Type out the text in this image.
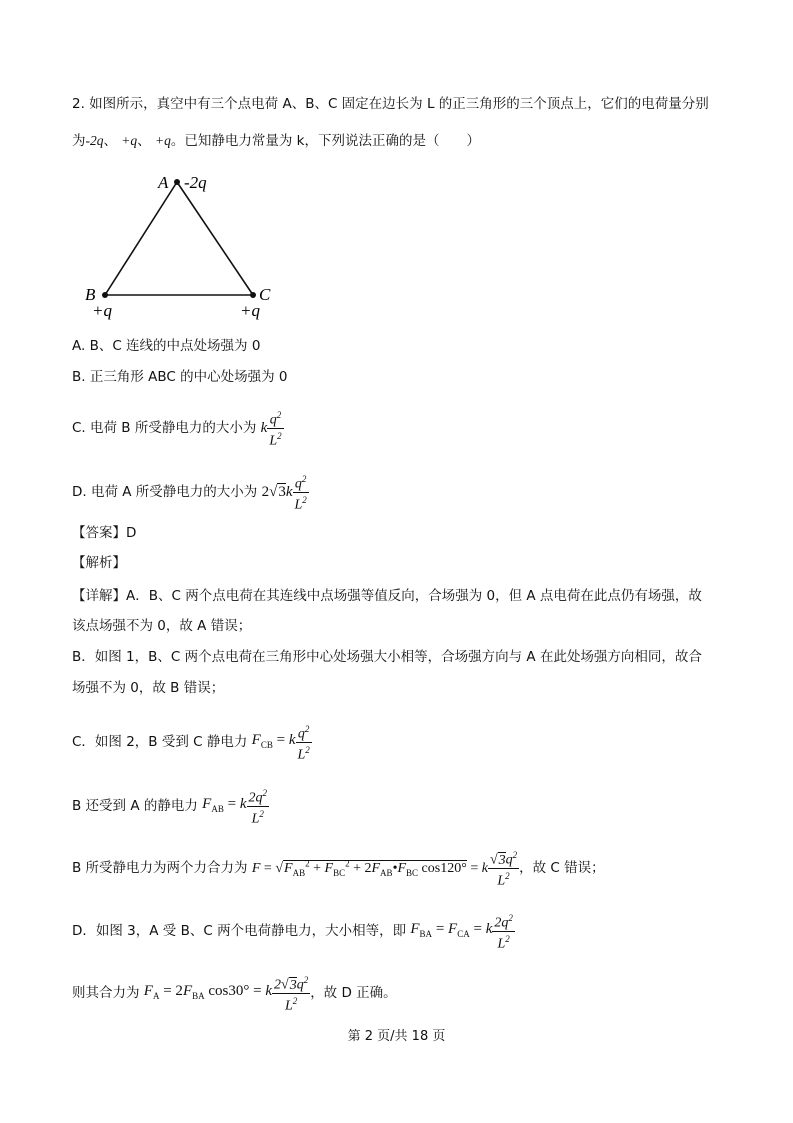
2. 如图所示，真空中有三个点电荷 A、B、C 固定在边长为 L 的正三角形的三个顶点上，它们的电荷量分别
为-2q、 +q、 +q。已知静电力常量为 k，下列说法正确的是（　　）
A -2q
B
+q
C
+q
A. B、C 连线的中点处场强为 0
B. 正三角形 ABC 的中心处场强为 0
C. 电荷 B 所受静电力的大小为 k $\frac{q^2}{L^2}$
D. 电荷 A 所受静电力的大小为 $2√3k \frac{q^2}{L^2}$
【答案】D
【解析】
【详解】A．B、C 两个点电荷在其连线中点场强等值反向，合场强为 0，但 A 点电荷在此点仍有场强，故
该点场强不为 0，故 A 错误；
B．如图 1，B、C 两个点电荷在三角形中心处场强大小相等，合场强方向与 A 在此处场强方向相同，故合
场强不为 0，故 B 错误；
C．如图 2，B 受到 C 静电力 $F_{CB} = k \frac{q^2}{L^2}$
B 还受到 A 的静电力 $F_{AB} = k \frac{2q^2}{L^2}$
B 所受静电力为两个力合力为 $F = √F_{AB}^2 + F_{BC}^2$ + $2F_{AB}•F_{BC}$ cos120° = k $\frac{√3q^2}{L^2}$ ，故 C 错误；
D．如图 3，A 受 B、C 两个电荷静电力，大小相等，即 $F_{BA} = F_{CA} = k \frac{2q^2}{L^2}$
则其合力为 $F_A = 2F_{BA}$ cos30° = k $\frac{2√3q^2}{L^2}$ ，故 D 正确。
第 2 页/共 18 页
